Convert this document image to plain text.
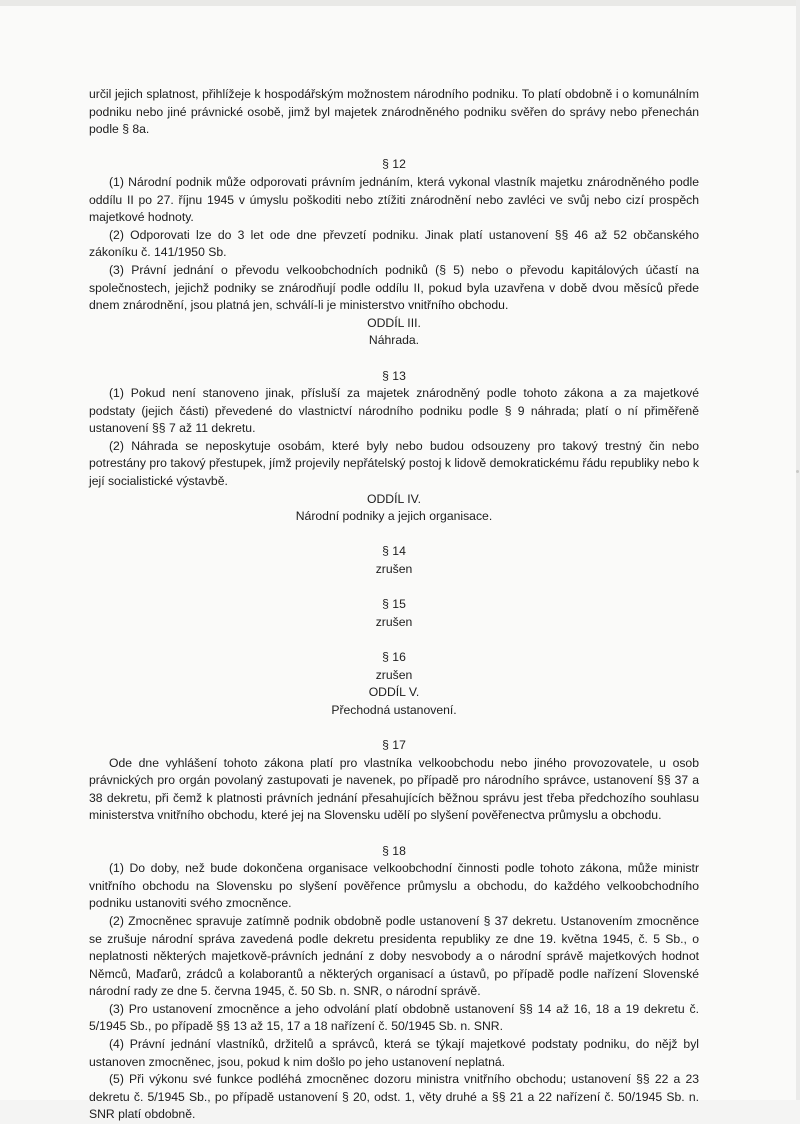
určil jejich splatnost, přihlížeje k hospodářským možnostem národního podniku. To platí obdobně i o komunálním podniku nebo jiné právnické osobě, jimž byl majetek znárodněného podniku svěřen do správy nebo přenechán podle § 8a.

§ 12

(1) Národní podnik může odporovati právním jednáním, která vykonal vlastník majetku znárodněného podle oddílu II po 27. říjnu 1945 v úmyslu poškoditi nebo ztížiti znárodnění nebo zavléci ve svůj nebo cizí prospěch majetkové hodnoty.

(2) Odporovati lze do 3 let ode dne převzetí podniku. Jinak platí ustanovení §§ 46 až 52 občanského zákoníku č. 141/1950 Sb.

(3) Právní jednání o převodu velkoobchodních podniků (§ 5) nebo o převodu kapitálových účastí na společnostech, jejichž podniky se znárodňují podle oddílu II, pokud byla uzavřena v době dvou měsíců přede dnem znárodnění, jsou platná jen, schválí-li je ministerstvo vnitřního obchodu.

ODDÍL III.

Náhrada.

§ 13

(1) Pokud není stanoveno jinak, přísluší za majetek znárodněný podle tohoto zákona a za majetkové podstaty (jejich části) převedené do vlastnictví národního podniku podle § 9 náhrada; platí o ní přiměřeně ustanovení §§ 7 až 11 dekretu.

(2) Náhrada se neposkytuje osobám, které byly nebo budou odsouzeny pro takový trestný čin nebo potrestány pro takový přestupek, jímž projevily nepřátelský postoj k lidově demokratickému řádu republiky nebo k její socialistické výstavbě.

ODDÍL IV.

Národní podniky a jejich organisace.

§ 14

zrušen

§ 15

zrušen

§ 16

zrušen

ODDÍL V.

Přechodná ustanovení.

§ 17

Ode dne vyhlášení tohoto zákona platí pro vlastníka velkoobchodu nebo jiného provozovatele, u osob právnických pro orgán povolaný zastupovati je navenek, po případě pro národního správce, ustanovení §§ 37 a 38 dekretu, při čemž k platnosti právních jednání přesahujících běžnou správu jest třeba předchozího souhlasu ministerstva vnitřního obchodu, které jej na Slovensku udělí po slyšení pověřenectva průmyslu a obchodu.

§ 18

(1) Do doby, než bude dokončena organisace velkoobchodní činnosti podle tohoto zákona, může ministr vnitřního obchodu na Slovensku po slyšení pověřence průmyslu a obchodu, do každého velkoobchodního podniku ustanoviti svého zmocněnce.

(2) Zmocněnec spravuje zatímně podnik obdobně podle ustanovení § 37 dekretu. Ustanovením zmocněnce se zrušuje národní správa zavedená podle dekretu presidenta republiky ze dne 19. května 1945, č. 5 Sb., o neplatnosti některých majetkově-právních jednání z doby nesvobody a o národní správě majetkových hodnot Němců, Maďarů, zrádců a kolaborantů a některých organisací a ústavů, po případě podle nařízení Slovenské národní rady ze dne 5. června 1945, č. 50 Sb. n. SNR, o národní správě.

(3) Pro ustanovení zmocněnce a jeho odvolání platí obdobně ustanovení §§ 14 až 16, 18 a 19 dekretu č. 5/1945 Sb., po případě §§ 13 až 15, 17 a 18 nařízení č. 50/1945 Sb. n. SNR.

(4) Právní jednání vlastníků, držitelů a správců, která se týkají majetkové podstaty podniku, do nějž byl ustanoven zmocněnec, jsou, pokud k nim došlo po jeho ustanovení neplatná.

(5) Při výkonu své funkce podléhá zmocněnec dozoru ministra vnitřního obchodu; ustanovení §§ 22 a 23 dekretu č. 5/1945 Sb., po případě ustanovení § 20, odst. 1, věty druhé a §§ 21 a 22 nařízení č. 50/1945 Sb. n. SNR platí obdobně.
